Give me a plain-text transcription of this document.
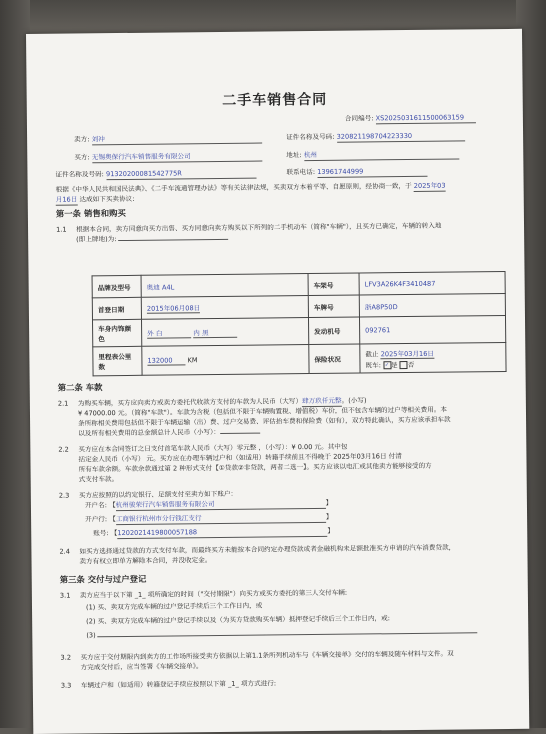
二手车销售合同
合同编号: XS2025031611500063159
卖方: 刘冲	证件名称及号码: 320821198704223330
买方: 无锡奥保行汽车销售服务有限公司	地址: 杭州
证件名称及号码: 91320200081542775R	联系电话: 13961744999
根据《中华人民共和国民法典》、《二手车流通管理办法》等有关法律法规，买卖双方本着平等、自愿原则，经协商一致，于 2025年03
月16日 达成如下买卖协议:
第一条 销售和购买
1.1 根据本合同，卖方同意向买方出售、买方同意向卖方购买以下所列的二手机动车（简称"车辆"），且买方已确定，车辆的转入地
(即上牌地)为:
品牌及型号	奥迪 A4L	车架号	LFV3A26K4F3410487
首登日期	2015年06月08日	车牌号	浙A8P50D
车身内饰颜色	外 白 内 黑	发动机号	092761
里程表公里数	132000 KM	保险状况	截止 2025年03月16日
既车: ✓ 是 否
第二条 车款
2.1 为购买车辆，买方应向卖方或卖方委托代收款方支付的车款为人民币（大写）肆万玖仟元整。(小写)
¥ 47000.00 元。（简称"车款"）。车款为含税（包括但不限于车辆购置税、增值税）车价，但不包含车辆的过户等相关费用。本
条所称相关费用包括但不限于车辆运输（出）费、过户交易费、评估抬车费和保险费（如有），双方特此确认，买方应该承担车款
以及所有相关费用的总金额总计人民币（小写）：
2.2 买方应在本合同签订之日支付首笔车款人民币（大写）零元整 ，（小写）：¥ 0.00 元。其中包
括定金人民币（小写） 元。买方应在办理车辆过户和（如适用）转籍手续前且不得晚于 2025年03月16日 付清
所有车款余额。车款余款通过第 2 种形式支付【①贷款②非贷款，两者二选一】。买方应该以电汇或其他卖方能够接受的方
式支付车款。
2.3 买方应按照的以约定银行、足额支付至卖方如下账户：
开户名: 【杭州骏荣行汽车销售服务有限公司	】
开户行: 【工商银行杭州市分行钱江支行	】
账号: 【1202021419800057188	】
2.4 如买方选择通过贷款的方式支付车款，而最终买方未能按本合同约定办理贷款或者金融机构未足额批准买方申请的汽车消费贷款，
卖方有权立即单方解除本合同，并没收定金。
第三条 交付与过户登记
3.1 卖方应当于以下第 _1_ 项所确定的时间（"交付期限"）向买方或买方委托的第三人交付车辆:
(1) 买、卖双方完成车辆的过户登记手续后三个工作日内，或
(2) 买、卖双方完成车辆的过户登记手续以及（为买方贷款购买车辆）抵押登记手续后三个工作日内，或:
(3)
3.2 买方应于交付期限内到卖方的工作场所接受卖方依据以上第1.1条所列机动车与《车辆交接单》交付的车辆及随车材料与文件。双
方完成交付后，应当签署《车辆交接单》。
3.3 车辆过户和（如适用）转籍登记手续应按照以下第 _1_ 项方式进行:
